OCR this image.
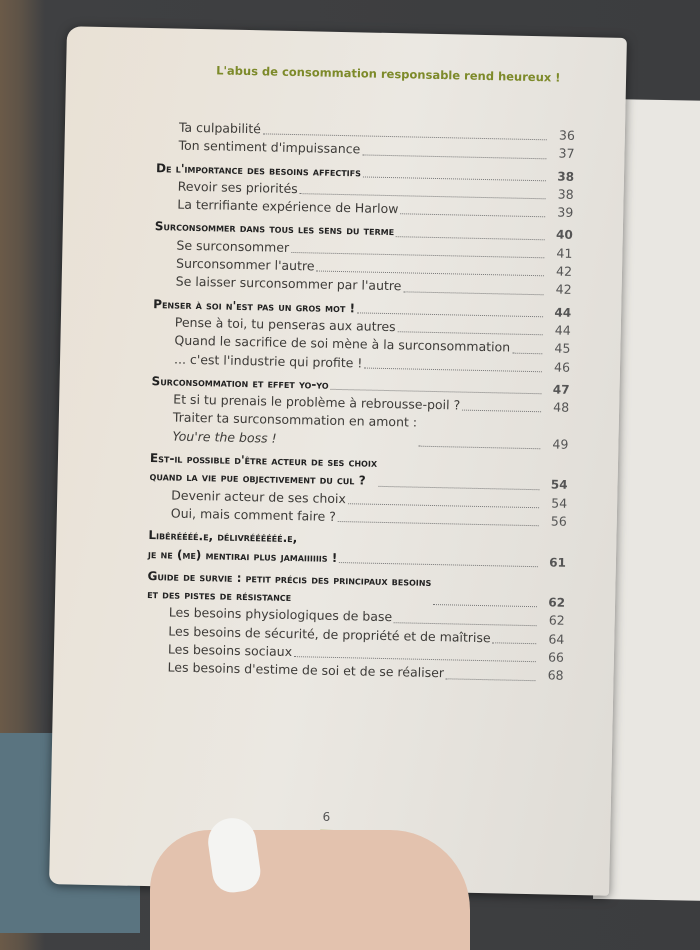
L'abus de consommation responsable rend heureux !
Ta culpabilité	36
Ton sentiment d'impuissance	37
De l'importance des besoins affectifs	38
Revoir ses priorités	38
La terrifiante expérience de Harlow	39
Surconsommer dans tous les sens du terme	40
Se surconsommer	41
Surconsommer l'autre	42
Se laisser surconsommer par l'autre	42
Penser à soi n'est pas un gros mot !	44
Pense à toi, tu penseras aux autres	44
Quand le sacrifice de soi mène à la surconsommation	45
... c'est l'industrie qui profite !	46
Surconsommation et effet yo-yo	47
Et si tu prenais le problème à rebrousse-poil ?	48
Traiter ta surconsommation en amont :
You're the boss !	49
Est-il possible d'être acteur de ses choix
quand la vie pue objectivement du cul ?	54
Devenir acteur de ses choix	54
Oui, mais comment faire ?	56
Libéréééé.e, délivréééééé.e,
je ne (me) mentirai plus jamaiiiiiis !	61
Guide de survie : petit précis des principaux besoins
et des pistes de résistance	62
Les besoins physiologiques de base	62
Les besoins de sécurité, de propriété et de maîtrise	64
Les besoins sociaux	66
Les besoins d'estime de soi et de se réaliser	68
6
